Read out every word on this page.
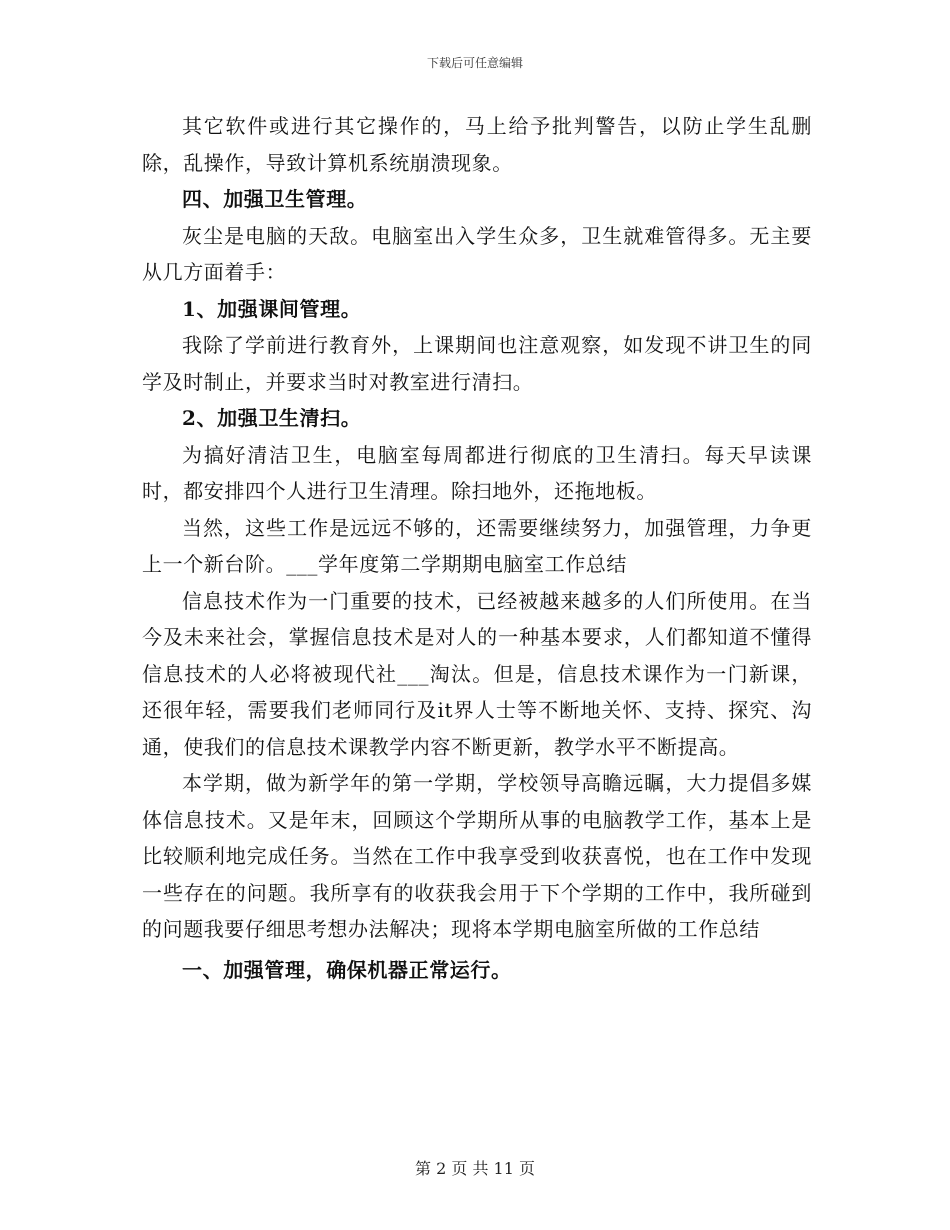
下载后可任意编辑

其它软件或进行其它操作的，马上给予批判警告，以防止学生乱删除，乱操作，导致计算机系统崩溃现象。

四、加强卫生管理。

灰尘是电脑的天敌。电脑室出入学生众多，卫生就难管得多。无主要从几方面着手：

1、加强课间管理。

我除了学前进行教育外，上课期间也注意观察，如发现不讲卫生的同学及时制止，并要求当时对教室进行清扫。

2、加强卫生清扫。

为搞好清洁卫生，电脑室每周都进行彻底的卫生清扫。每天早读课时，都安排四个人进行卫生清理。除扫地外，还拖地板。

当然，这些工作是远远不够的，还需要继续努力，加强管理，力争更上一个新台阶。___学年度第二学期期电脑室工作总结

信息技术作为一门重要的技术，已经被越来越多的人们所使用。在当今及未来社会，掌握信息技术是对人的一种基本要求，人们都知道不懂得信息技术的人必将被现代社___淘汰。但是，信息技术课作为一门新课，还很年轻，需要我们老师同行及it界人士等不断地关怀、支持、探究、沟通，使我们的信息技术课教学内容不断更新，教学水平不断提高。

本学期，做为新学年的第一学期，学校领导高瞻远瞩，大力提倡多媒体信息技术。又是年末，回顾这个学期所从事的电脑教学工作，基本上是比较顺利地完成任务。当然在工作中我享受到收获喜悦，也在工作中发现一些存在的问题。我所享有的收获我会用于下个学期的工作中，我所碰到的问题我要仔细思考想办法解决；现将本学期电脑室所做的工作总结

一、加强管理，确保机器正常运行。

第 2 页 共 11 页
